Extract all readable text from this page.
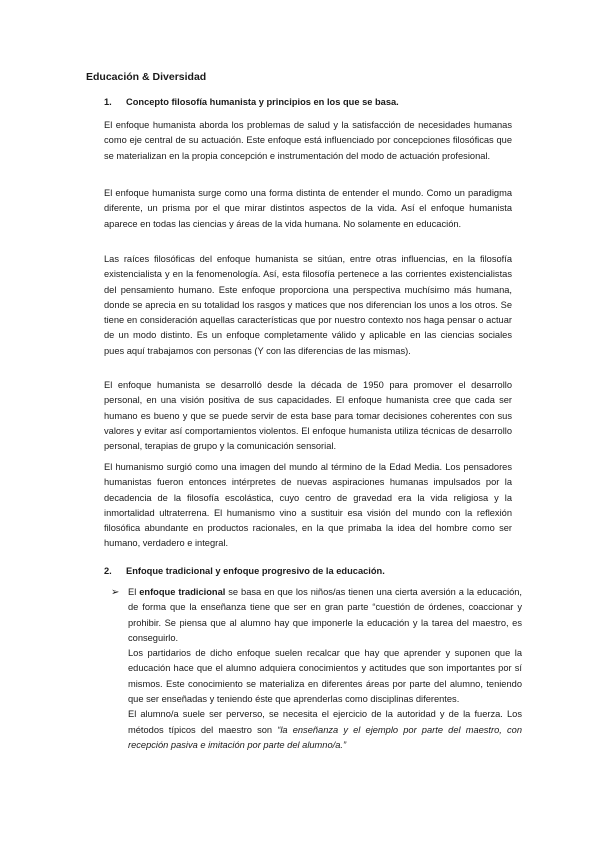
Educación & Diversidad
1. Concepto filosofía humanista y principios en los que se basa.

El enfoque humanista aborda los problemas de salud y la satisfacción de necesidades humanas como eje central de su actuación. Este enfoque está influenciado por concepciones filosóficas que se materializan en la propia concepción e instrumentación del modo de actuación profesional.

El enfoque humanista surge como una forma distinta de entender el mundo. Como un paradigma diferente, un prisma por el que mirar distintos aspectos de la vida. Así el enfoque humanista aparece en todas las ciencias y áreas de la vida humana. No solamente en educación.

Las raíces filosóficas del enfoque humanista se sitúan, entre otras influencias, en la filosofía existencialista y en la fenomenología. Así, esta filosofía pertenece a las corrientes existencialistas del pensamiento humano. Este enfoque proporciona una perspectiva muchísimo más humana, donde se aprecia en su totalidad los rasgos y matices que nos diferencian los unos a los otros. Se tiene en consideración aquellas características que por nuestro contexto nos haga pensar o actuar de un modo distinto. Es un enfoque completamente válido y aplicable en las ciencias sociales pues aquí trabajamos con personas (Y con las diferencias de las mismas).

El enfoque humanista se desarrolló desde la década de 1950 para promover el desarrollo personal, en una visión positiva de sus capacidades. El enfoque humanista cree que cada ser humano es bueno y que se puede servir de esta base para tomar decisiones coherentes con sus valores y evitar así comportamientos violentos. El enfoque humanista utiliza técnicas de desarrollo personal, terapias de grupo y la comunicación sensorial.

El humanismo surgió como una imagen del mundo al término de la Edad Media. Los pensadores humanistas fueron entonces intérpretes de nuevas aspiraciones humanas impulsados por la decadencia de la filosofía escolástica, cuyo centro de gravedad era la vida religiosa y la inmortalidad ultraterrena. El humanismo vino a sustituir esa visión del mundo con la reflexión filosófica abundante en productos racionales, en la que primaba la idea del hombre como ser humano, verdadero e integral.

2. Enfoque tradicional y enfoque progresivo de la educación.
➢ El enfoque tradicional se basa en que los niños/as tienen una cierta aversión a la educación, de forma que la enseñanza tiene que ser en gran parte “cuestión de órdenes, coaccionar y prohibir. Se piensa que al alumno hay que imponerle la educación y la tarea del maestro, es conseguirlo.

Los partidarios de dicho enfoque suelen recalcar que hay que aprender y suponen que la educación hace que el alumno adquiera conocimientos y actitudes que son importantes por sí mismos. Este conocimiento se materializa en diferentes áreas por parte del alumno, teniendo que ser enseñadas y teniendo éste que aprenderlas como disciplinas diferentes.

El alumno/a suele ser perverso, se necesita el ejercicio de la autoridad y de la fuerza. Los métodos típicos del maestro son “la enseñanza y el ejemplo por parte del maestro, con recepción pasiva e imitación por parte del alumno/a.”
